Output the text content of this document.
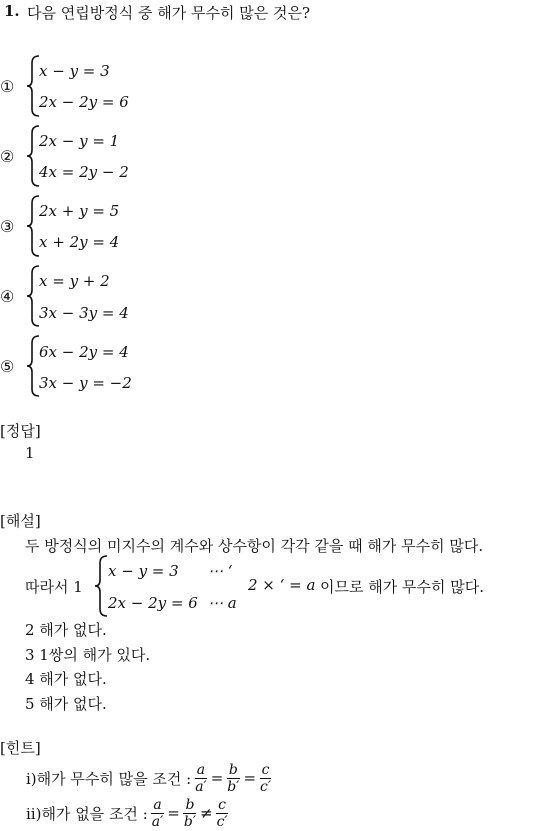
1. 다음 연립방정식 중 해가 무수히 많은 것은?
①
x − y = 3
2x − 2y = 6
②
2x − y = 1
4x = 2y − 2
③
2x + y = 5
x + 2y = 4
④
x = y + 2
3x − 3y = 4
⑤
6x − 2y = 4
3x − y = −2
[정답]
1
[해설]
두 방정식의 미지수의 계수와 상수항이 각각 같을 때 해가 무수히 많다.
따라서 1
x − y = 3 ⋯ ‘
2x − 2y = 6 ⋯ a
2 × ‘ = a 이므로 해가 무수히 많다.
2 해가 없다.
3 1쌍의 해가 있다.
4 해가 없다.
5 해가 없다.
[힌트]
ⅰ)해가 무수히 많을 조건 : $\frac{a}{a'} = \frac{b}{b'} = \frac{c}{c'}$
ⅱ)해가 없을 조건 : $\frac{a}{a'} = \frac{b}{b'} \ne \frac{c}{c'}$
